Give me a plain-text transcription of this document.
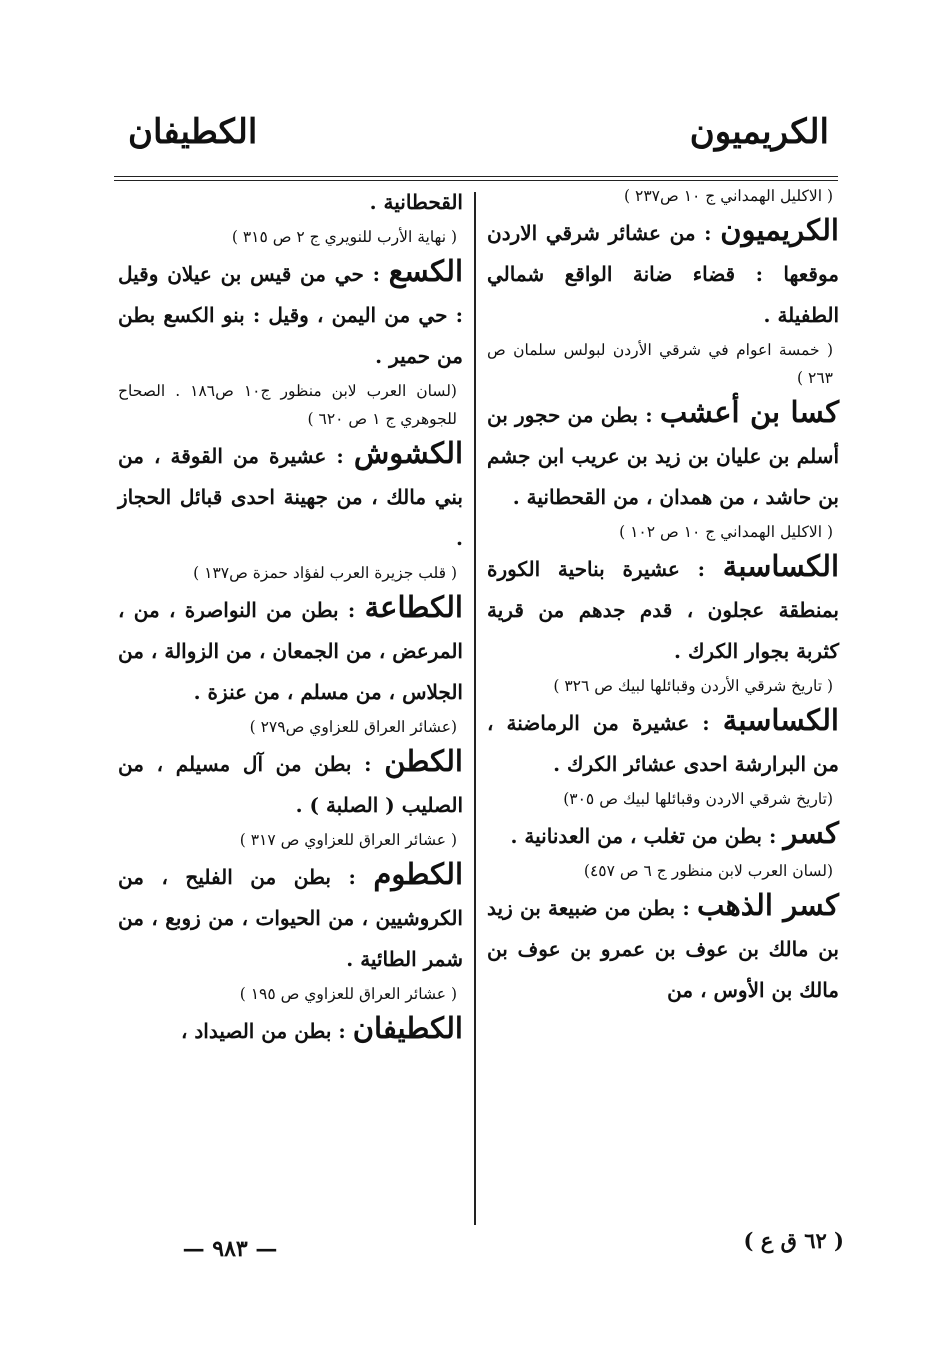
الكريميون
الكطيفان

( الاكليل الهمداني ج ١٠ ص٢٣٧ )

الكريميون : من عشائر شرقي الاردن موقعها : قضاء ضانة الواقع شمالي الطفيلة .

( خمسة اعوام في شرقي الأردن لبولس سلمان ص ٢٦٣ )

كسا بن أعشب : بطن من حجور بن أسلم بن عليان بن زيد بن عريب ابن جشم بن حاشد ، من همدان ، من القحطانية .

( الاكليل الهمداني ج ١٠ ص ١٠٢ )

الكساسبة : عشيرة بناحية الكورة بمنطقة عجلون ، قدم جدهم من قرية كثربة بجوار الكرك .

( تاريخ شرقي الأردن وقبائلها لبيك ص ٣٢٦ )

الكساسبة : عشيرة من الرماضنة ، من البرارشة احدى عشائر الكرك .

(تاريخ شرقي الاردن وقبائلها لبيك ص ٣٠٥)

كسر : بطن من تغلب ، من العدنانية .

(لسان العرب لابن منظور ج ٦ ص ٤٥٧)

كسر الذهب : بطن من ضبيعة بن زيد بن مالك بن عوف بن عمرو بن عوف بن مالك بن الأوس ، من

القحطانية .

( نهاية الأرب للنويري ج ٢ ص ٣١٥ )

الكسع : حي من قيس بن عيلان وقيل : حي من اليمن ، وقيل : بنو الكسع بطن من حمير .

(لسان العرب لابن منظور ج١٠ ص١٨٦ . الصحاح للجوهري ج ١ ص ٦٢٠ )

الكشوش : عشيرة من القوقة ، من بني مالك ، من جهينة احدى قبائل الحجاز .

( قلب جزيرة العرب لفؤاد حمزة ص١٣٧ )

الكطاعة : بطن من النواصرة ، من ، المرعض ، من الجمعان ، من الزوالة ، من الجلاس ، من مسلم ، من عنزة .

(عشائر العراق للعزاوي ص٢٧٩ )

الكطن : بطن من آل مسيلم ، من الصليب ( الصلبة ) .

( عشائر العراق للعزاوي ص ٣١٧ )

الكطوم : بطن من الفليح ، من الكروشيين ، من الحيوات ، من زوبع ، من شمر الطائية .

( عشائر العراق للعزاوي ص ١٩٥ )

الكطيفان : بطن من الصيداد ،

— ٩٨٣ —	( ٦٢ ق ع )
